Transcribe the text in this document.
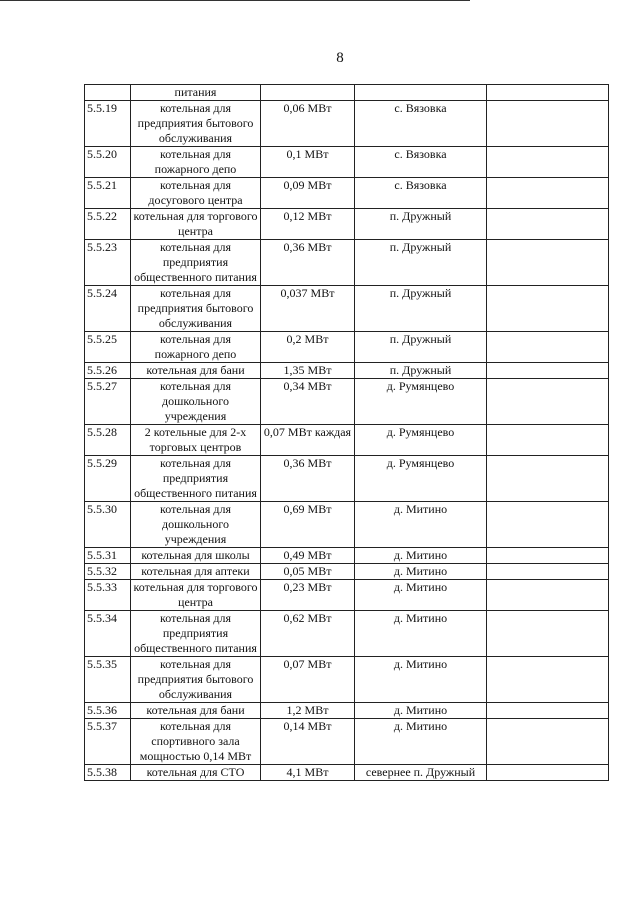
8
	питания			
5.5.19	котельная для предприятия бытового обслуживания	0,06 МВт	с. Вязовка	
5.5.20	котельная для пожарного депо	0,1 МВт	с. Вязовка	
5.5.21	котельная для досугового центра	0,09 МВт	с. Вязовка	
5.5.22	котельная для торгового центра	0,12 МВт	п. Дружный	
5.5.23	котельная для предприятия общественного питания	0,36 МВт	п. Дружный	
5.5.24	котельная для предприятия бытового обслуживания	0,037 МВт	п. Дружный	
5.5.25	котельная для пожарного депо	0,2 МВт	п. Дружный	
5.5.26	котельная для бани	1,35 МВт	п. Дружный	
5.5.27	котельная для дошкольного учреждения	0,34 МВт	д. Румянцево	
5.5.28	2 котельные для 2-х торговых центров	0,07 МВт каждая	д. Румянцево	
5.5.29	котельная для предприятия общественного питания	0,36 МВт	д. Румянцево	
5.5.30	котельная для дошкольного учреждения	0,69 МВт	д. Митино	
5.5.31	котельная для школы	0,49 МВт	д. Митино	
5.5.32	котельная для аптеки	0,05 МВт	д. Митино	
5.5.33	котельная для торгового центра	0,23 МВт	д. Митино	
5.5.34	котельная для предприятия общественного питания	0,62 МВт	д. Митино	
5.5.35	котельная для предприятия бытового обслуживания	0,07 МВт	д. Митино	
5.5.36	котельная для бани	1,2 МВт	д. Митино	
5.5.37	котельная для спортивного зала мощностью 0,14 МВт	0,14 МВт	д. Митино	
5.5.38	котельная для СТО	4,1 МВт	севернее п. Дружный	
